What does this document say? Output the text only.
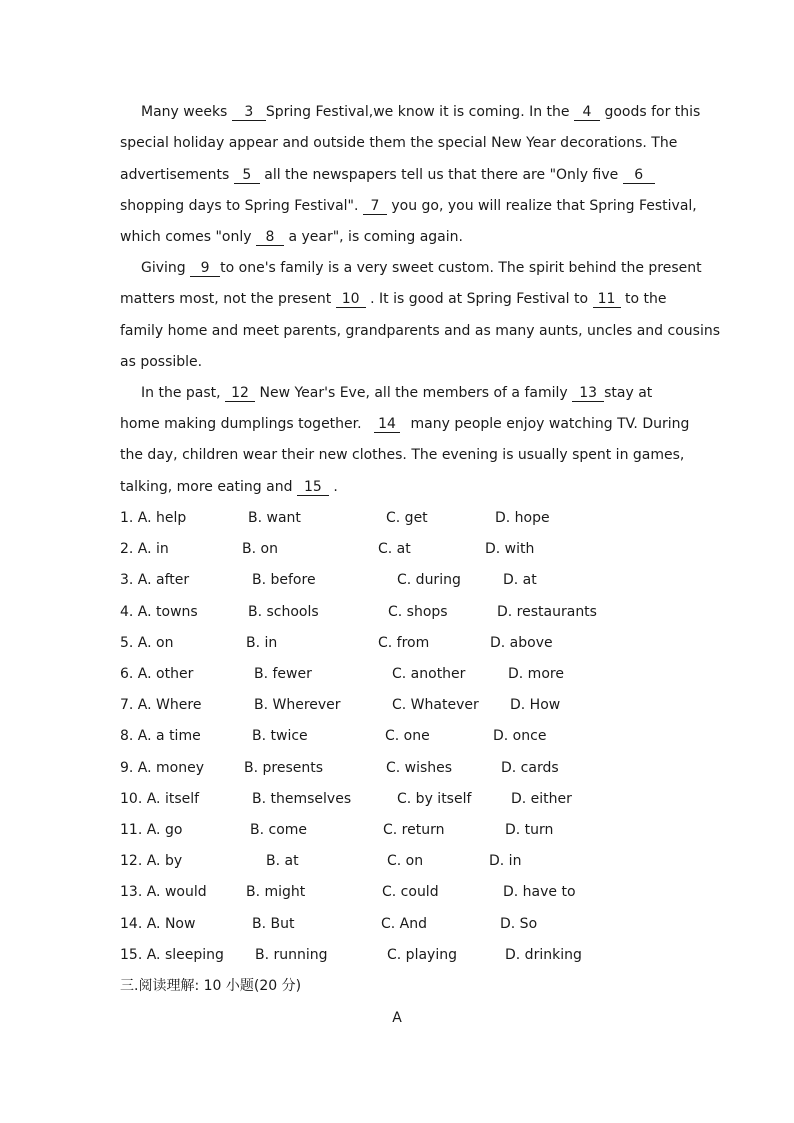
Many weeks 3 Spring Festival,we know it is coming. In the 4 goods for this
special holiday appear and outside them the special New Year decorations. The
advertisements 5 all the newspapers tell us that there are "Only five 6
shopping days to Spring Festival". 7 you go, you will realize that Spring Festival,
which comes "only 8 a year", is coming again.
Giving 9 to one's family is a very sweet custom. The spirit behind the present
matters most, not the present 10 . It is good at Spring Festival to 11 to the
family home and meet parents, grandparents and as many aunts, uncles and cousins
as possible.
In the past, 12 New Year's Eve, all the members of a family 13 stay at
home making dumplings together. 14 many people enjoy watching TV. During
the day, children wear their new clothes. The evening is usually spent in games,
talking, more eating and 15 .
1. A. help	B. want	C. get	D. hope
2. A. in	B. on	C. at	D. with
3. A. after	B. before	C. during	D. at
4. A. towns	B. schools	C. shops	D. restaurants
5. A. on	B. in	C. from	D. above
6. A. other	B. fewer	C. another	D. more
7. A. Where	B. Wherever	C. Whatever D. How
8. A. a time	B. twice	C. one	D. once
9. A. money	B. presents	C. wishes	D. cards
10. A. itself	B. themselves	C. by itself	D. either
11. A. go	B. come	C. return	D. turn
12. A. by	B. at	C. on	D. in
13. A. would	B. might	C. could	D. have to
14. A. Now	B. But	C. And	D. So
15. A. sleeping B. running	C. playing	D. drinking
三.阅读理解: 10 小题(20 分)
A
